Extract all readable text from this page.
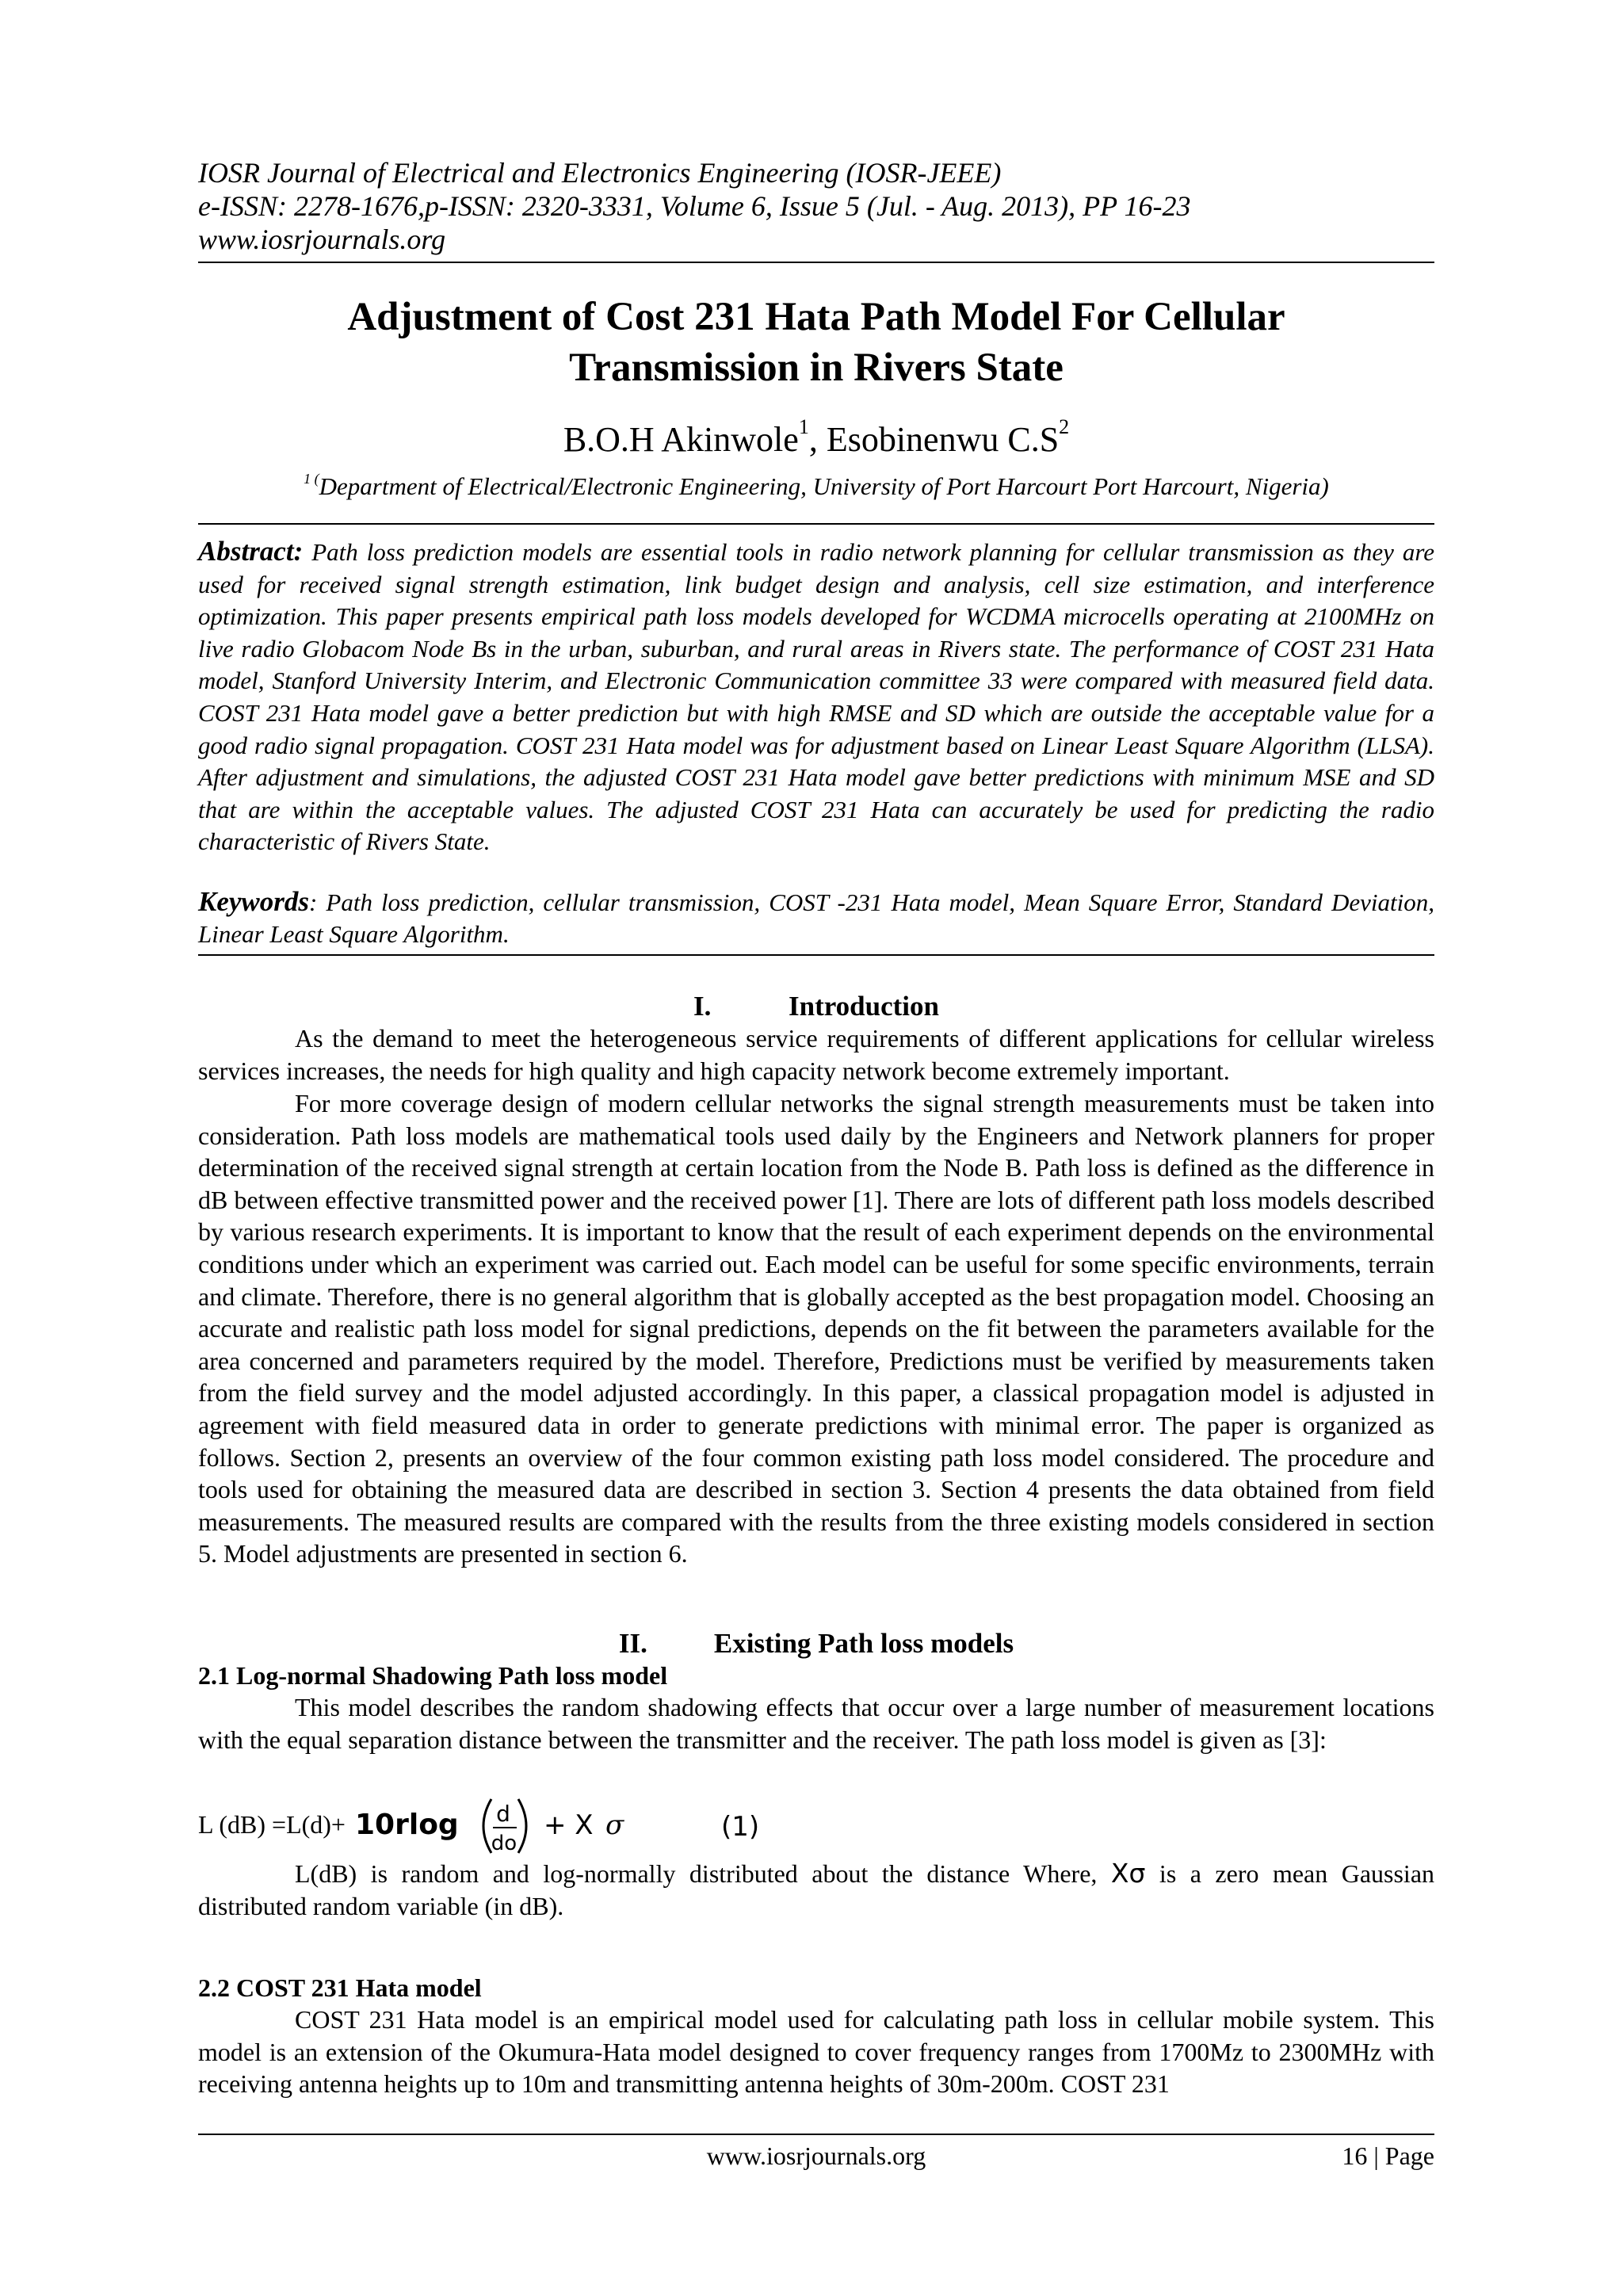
IOSR Journal of Electrical and Electronics Engineering (IOSR-JEEE)
e-ISSN: 2278-1676,p-ISSN: 2320-3331, Volume 6, Issue 5 (Jul. - Aug. 2013), PP 16-23
www.iosrjournals.org
Adjustment of Cost 231 Hata Path Model For Cellular
Transmission in Rivers State
B.O.H Akinwole$^1$, Esobinenwu $C.S^2$
$^{1 (}$Department of Electrical/Electronic Engineering, University of Port Harcourt Port Harcourt, Nigeria)
Abstract: Path loss prediction models are essential tools in radio network planning for cellular transmission as they are used for received signal strength estimation, link budget design and analysis, cell size estimation, and interference optimization. This paper presents empirical path loss models developed for WCDMA microcells operating at 2100MHz on live radio Globacom Node Bs in the urban, suburban, and rural areas in Rivers state. The performance of COST 231 Hata model, Stanford University Interim, and Electronic Communication committee 33 were compared with measured field data. COST 231 Hata model gave a better prediction but with high RMSE and SD which are outside the acceptable value for a good radio signal propagation. COST 231 Hata model was for adjustment based on Linear Least Square Algorithm (LLSA). After adjustment and simulations, the adjusted COST 231 Hata model gave better predictions with minimum MSE and SD that are within the acceptable values. The adjusted COST 231 Hata can accurately be used for predicting the radio characteristic of Rivers State.
Keywords: Path loss prediction, cellular transmission, COST -231 Hata model, Mean Square Error, Standard Deviation, Linear Least Square Algorithm.
I.	Introduction
As the demand to meet the heterogeneous service requirements of different applications for cellular wireless services increases, the needs for high quality and high capacity network become extremely important.
For more coverage design of modern cellular networks the signal strength measurements must be taken into consideration. Path loss models are mathematical tools used daily by the Engineers and Network planners for proper determination of the received signal strength at certain location from the Node B. Path loss is defined as the difference in dB between effective transmitted power and the received power [1]. There are lots of different path loss models described by various research experiments. It is important to know that the result of each experiment depends on the environmental conditions under which an experiment was carried out. Each model can be useful for some specific environments, terrain and climate. Therefore, there is no general algorithm that is globally accepted as the best propagation model. Choosing an accurate and realistic path loss model for signal predictions, depends on the fit between the parameters available for the area concerned and parameters required by the model. Therefore, Predictions must be verified by measurements taken from the field survey and the model adjusted accordingly. In this paper, a classical propagation model is adjusted in agreement with field measured data in order to generate predictions with minimal error. The paper is organized as follows. Section 2, presents an overview of the four common existing path loss model considered. The procedure and tools used for obtaining the measured data are described in section 3. Section 4 presents the data obtained from field measurements. The measured results are compared with the results from the three existing models considered in section 5. Model adjustments are presented in section 6.
II. Existing Path loss models
2.1 Log-normal Shadowing Path loss model
This model describes the random shadowing effects that occur over a large number of measurement locations with the equal separation distance between the transmitter and the receiver. The path loss model is given as [3]:
L (dB) =L(d)+ 10rlog d
do
+ X σ	(1)
L(dB) is random and log-normally distributed about the distance Where, Xσ is a zero mean Gaussian distributed random variable (in dB).
2.2 COST 231 Hata model
COST 231 Hata model is an empirical model used for calculating path loss in cellular mobile system. This model is an extension of the Okumura-Hata model designed to cover frequency ranges from 1700Mz to 2300MHz with receiving antenna heights up to 10m and transmitting antenna heights of 30m-200m. COST 231
www.iosrjournals.org	16 | Page
